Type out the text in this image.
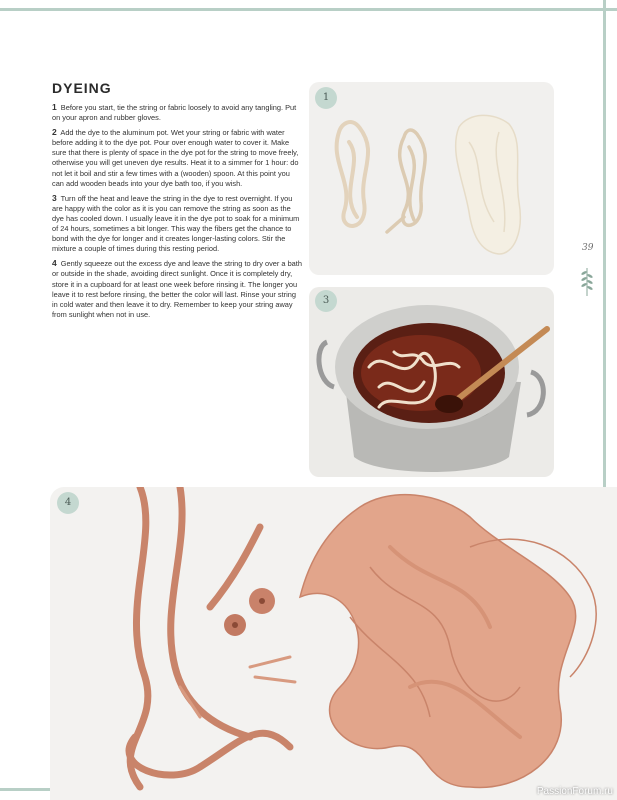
DYEING

1 Before you start, tie the string or fabric loosely to avoid any tangling. Put on your apron and rubber gloves.

2 Add the dye to the aluminum pot. Wet your string or fabric with water before adding it to the dye pot. Pour over enough water to cover it. Make sure that there is plenty of space in the dye pot for the string to move freely, otherwise you will get uneven dye results. Heat it to a simmer for 1 hour: do not let it boil and stir a few times with a (wooden) spoon. At this point you can add wooden beads into your dye bath too, if you wish.

3 Turn off the heat and leave the string in the dye to rest overnight. If you are happy with the color as it is you can remove the string as soon as the dye has cooled down. I usually leave it in the dye pot to soak for a minimum of 24 hours, sometimes a bit longer. This way the fibers get the chance to bond with the dye for longer and it creates longer-lasting colors. Stir the mixture a couple of times during this resting period.

4 Gently squeeze out the excess dye and leave the string to dry over a bath or outside in the shade, avoiding direct sunlight. Once it is completely dry, store it in a cupboard for at least one week before rinsing it. The longer you leave it to rest before rinsing, the better the color will last. Rinse your string in cold water and then leave it to dry. Remember to keep your string away from sunlight when not in use.

1
3
4
39
PassionForum.ru
